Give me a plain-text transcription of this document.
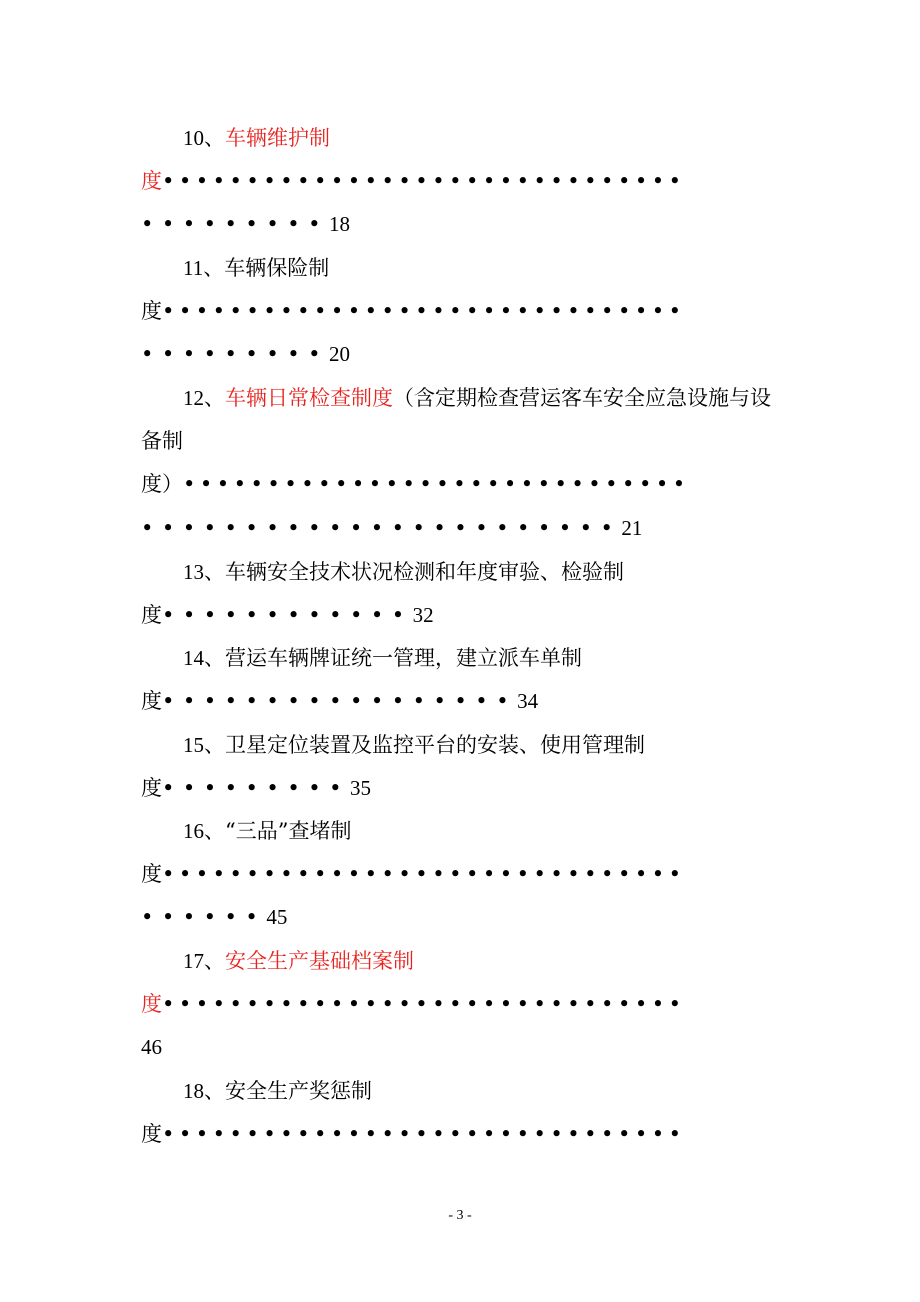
10、车辆维护制
度•••••••••••••••••••••••••••••••
•••••••••18
11、车辆保险制
度•••••••••••••••••••••••••••••••
•••••••••20
12、车辆日常检查制度（含定期检查营运客车安全应急设施与设
备制
度）••••••••••••••••••••••••••••••
•••••••••••••••••••••••21
13、车辆安全技术状况检测和年度审验、检验制
度••••••••••••32
14、营运车辆牌证统一管理，建立派车单制
度•••••••••••••••••34
15、卫星定位装置及监控平台的安装、使用管理制
度•••••••••35
16、“三品”查堵制
度•••••••••••••••••••••••••••••••
••••••45
17、安全生产基础档案制
度•••••••••••••••••••••••••••••••
46
18、安全生产奖惩制
度•••••••••••••••••••••••••••••••
- 3 -
